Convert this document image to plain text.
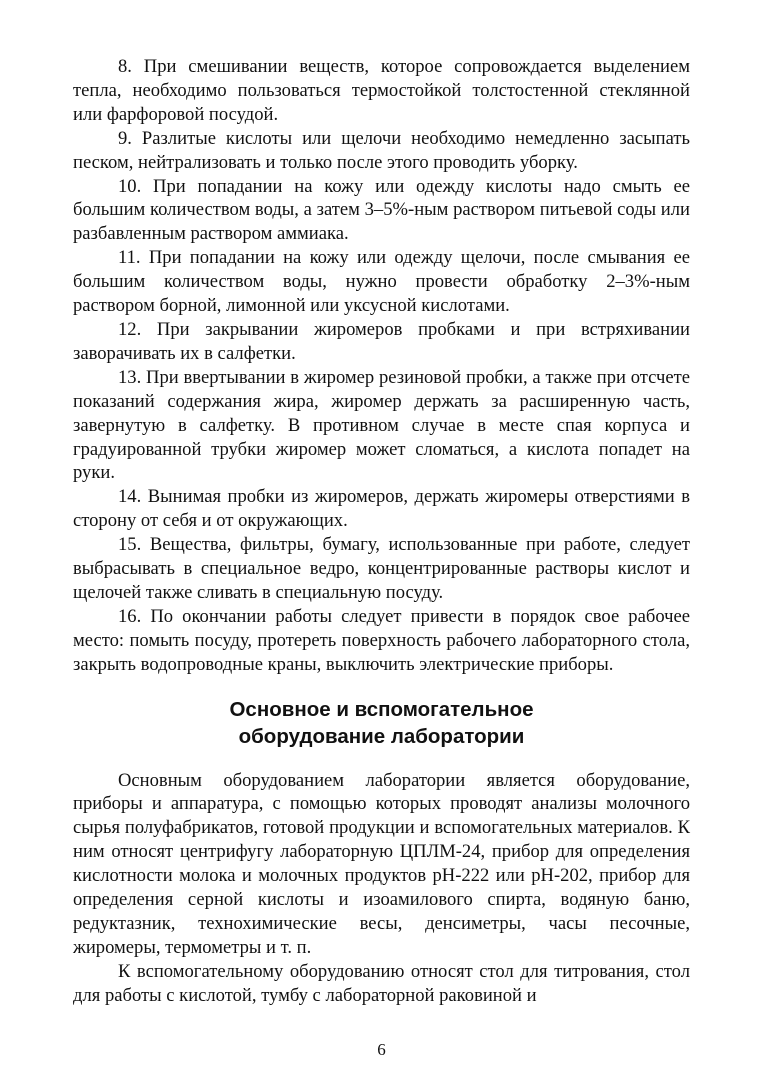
8. При смешивании веществ, которое сопровождается выделением тепла, необходимо пользоваться термостойкой толстостенной стеклянной или фарфоровой посудой.

9. Разлитые кислоты или щелочи необходимо немедленно засыпать песком, нейтрализовать и только после этого проводить уборку.

10. При попадании на кожу или одежду кислоты надо смыть ее большим количеством воды, а затем 3–5%-ным раствором питьевой соды или разбавленным раствором аммиака.

11. При попадании на кожу или одежду щелочи, после смывания ее большим количеством воды, нужно провести обработку 2–3%-ным раствором борной, лимонной или уксусной кислотами.

12. При закрывании жиромеров пробками и при встряхивании заворачивать их в салфетки.

13. При ввертывании в жиромер резиновой пробки, а также при отсчете показаний содержания жира, жиромер держать за расширенную часть, завернутую в салфетку. В противном случае в месте спая корпуса и градуированной трубки жиромер может сломаться, а кислота попадет на руки.

14. Вынимая пробки из жиромеров, держать жиромеры отверстиями в сторону от себя и от окружающих.

15. Вещества, фильтры, бумагу, использованные при работе, следует выбрасывать в специальное ведро, концентрированные растворы кислот и щелочей также сливать в специальную посуду.

16. По окончании работы следует привести в порядок свое рабочее место: помыть посуду, протереть поверхность рабочего лабораторного стола, закрыть водопроводные краны, выключить электрические приборы.

Основное и вспомогательное
оборудование лаборатории

Основным оборудованием лаборатории является оборудование, приборы и аппаратура, с помощью которых проводят анализы молочного сырья полуфабрикатов, готовой продукции и вспомогательных материалов. К ним относят центрифугу лабораторную ЦПЛМ-24, прибор для определения кислотности молока и молочных продуктов рН-222 или рН-202, прибор для определения серной кислоты и изоамилового спирта, водяную баню, редуктазник, технохимические весы, денсиметры, часы песочные, жиромеры, термометры и т. п.

К вспомогательному оборудованию относят стол для титрования, стол для работы с кислотой, тумбу с лабораторной раковиной и

6
